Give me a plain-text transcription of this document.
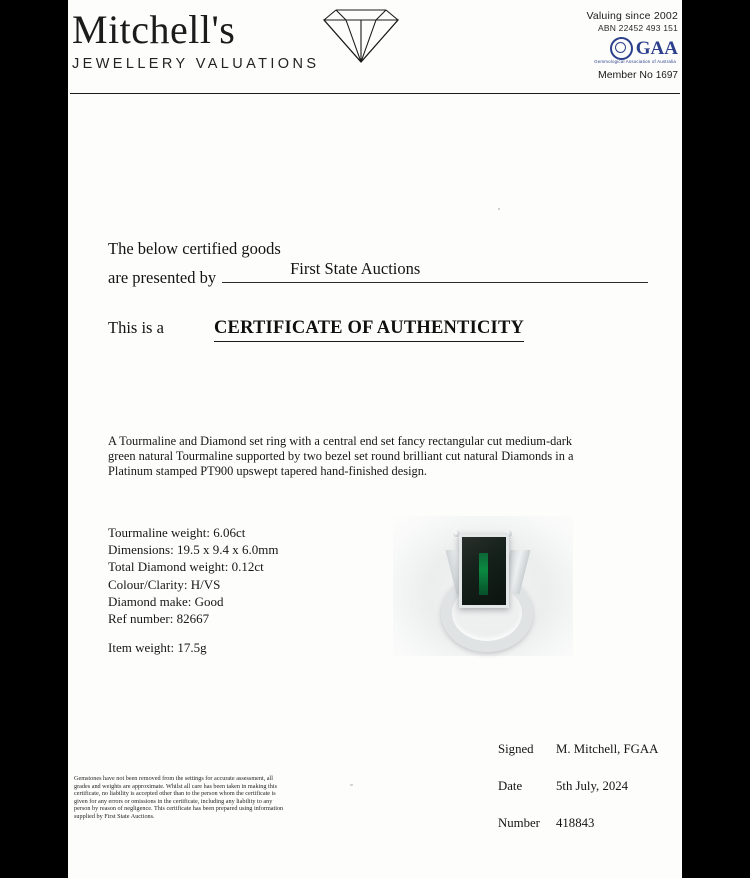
Mitchell's
JEWELLERY VALUATIONS
Valuing since 2002
ABN 22452 493 151
GAA
Gemmological Association of Australia
Member No 1697
The below certified goods
are presented by	First State Auctions
This is a	CERTIFICATE OF AUTHENTICITY
A Tourmaline and Diamond set ring with a central end set fancy rectangular cut medium-dark green natural Tourmaline supported by two bezel set round brilliant cut natural Diamonds in a Platinum stamped PT900 upswept tapered hand-finished design.
Tourmaline weight: 6.06ct
Dimensions: 19.5 x 9.4 x 6.0mm
Total Diamond weight: 0.12ct
Colour/Clarity: H/VS
Diamond make: Good
Ref number: 82667
Item weight: 17.5g
Gemstones have not been removed from the settings for accurate assessment, all grades and weights are approximate. Whilst all care has been taken in making this certificate, no liability is accepted other than to the person whom the certificate is given for any errors or omissions in the certificate, including any liability to any person by reason of negligence. This certificate has been prepared using information supplied by First State Auctions.
Signed	M. Mitchell, FGAA
Date	5th July, 2024
Number	418843
